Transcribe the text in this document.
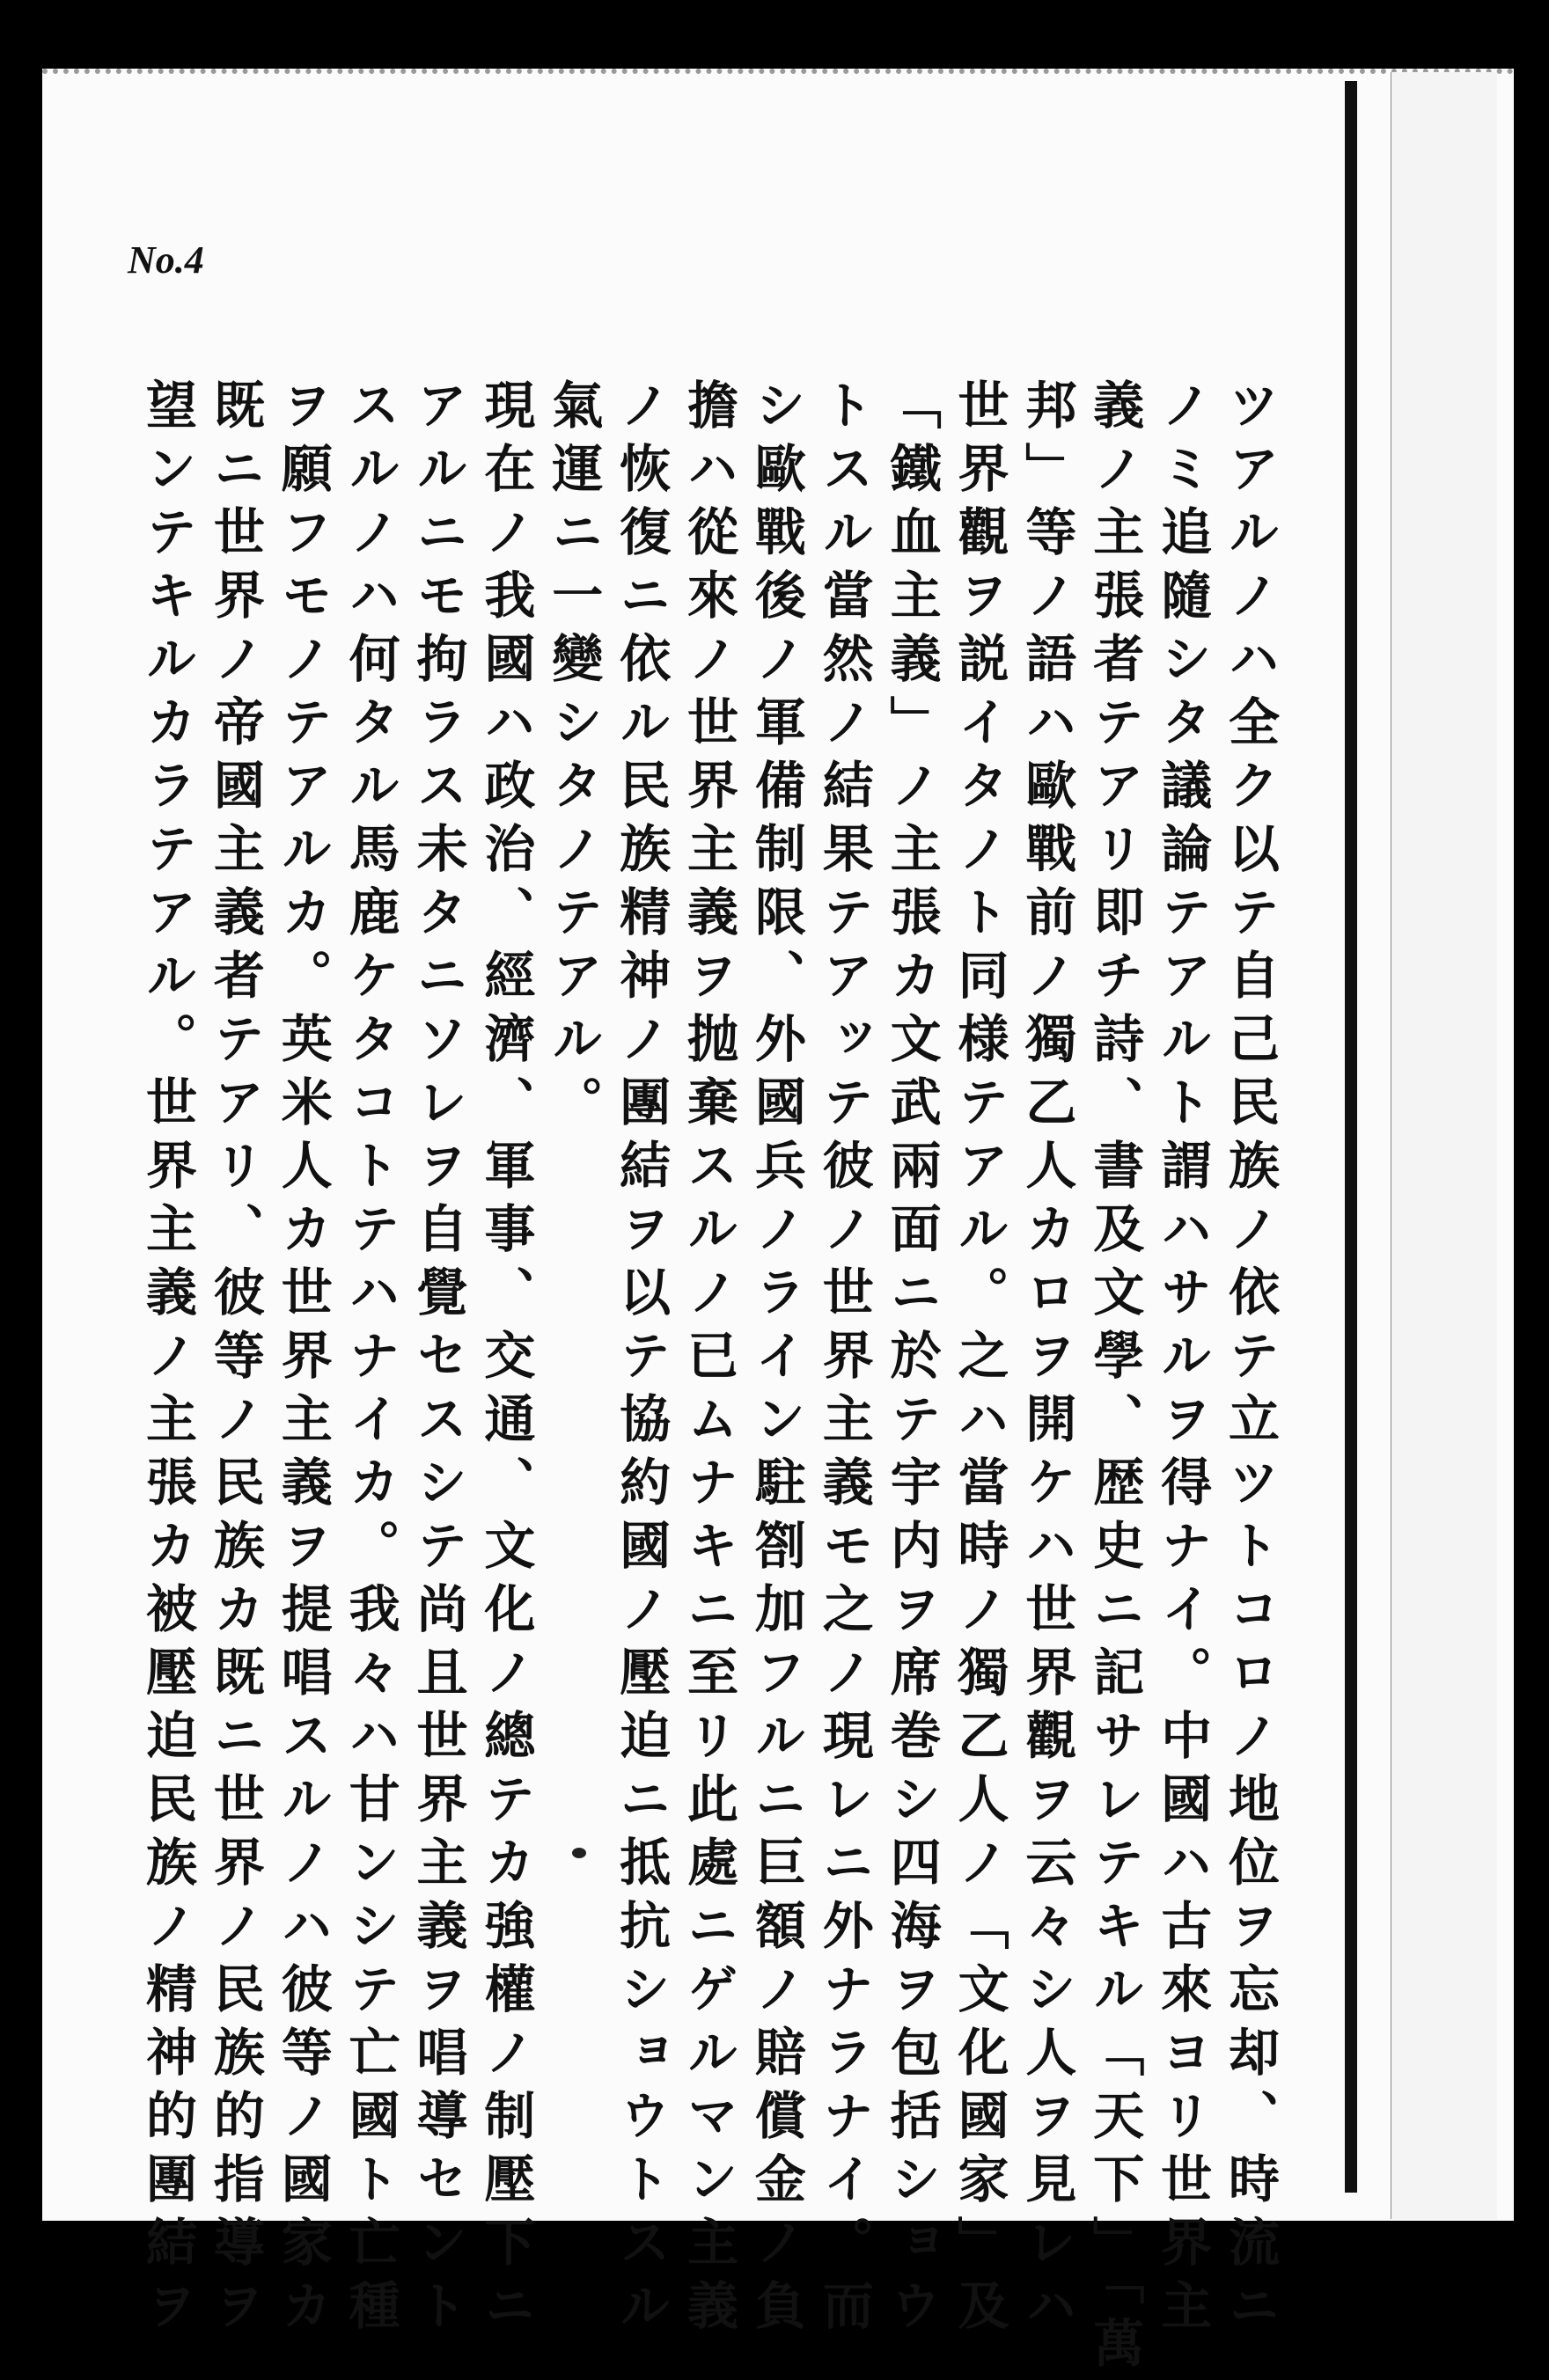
No.4
ツアルノハ全ク以テ自己民族ノ依テ立ツトコロノ地位ヲ忘却、時流ニ
ノミ追隨シタ議論テアルト謂ハサルヲ得ナイ。中國ハ古來ヨリ世界主
義ノ主張者テアリ即チ詩、書及文學、歴史ニ記サレテキル「天下」「萬
邦」等ノ語ハ歐戰前ノ獨乙人カロヲ開ケハ世界觀ヲ云々シ人ヲ見レハ
世界觀ヲ説イタノト同様テアル。之ハ當時ノ獨乙人ノ「文化國家」及
「鐵血主義」ノ主張カ文武兩面ニ於テ宇内ヲ席巻シ四海ヲ包括ショウ
トスル當然ノ結果テアッテ彼ノ世界主義モ之ノ現レニ外ナラナイ。而
シ歐戰後ノ軍備制限、外國兵ノライン駐劄加フルニ巨額ノ賠償金ノ負
擔ハ從來ノ世界主義ヲ抛棄スルノ已ムナキニ至リ此處ニゲルマン主義
ノ恢復ニ依ル民族精神ノ團結ヲ以テ協約國ノ壓迫ニ抵抗ショウトスル
氣運ニ一變シタノテアル。
現在ノ我國ハ政治、經濟、軍事、交通、文化ノ總テカ強權ノ制壓下ニ
アルニモ拘ラス未タニソレヲ自覺セスシテ尚且世界主義ヲ唱導セント
スルノハ何タル馬鹿ケタコトテハナイカ。我々ハ甘ンシテ亡國ト亡種
ヲ願フモノテアルカ。英米人カ世界主義ヲ提唱スルノハ彼等ノ國家カ
既ニ世界ノ帝國主義者テアリ、彼等ノ民族カ既ニ世界ノ民族的指導ヲ
望ンテキルカラテアル。世界主義ノ主張カ被壓迫民族ノ精神的團結ヲ
